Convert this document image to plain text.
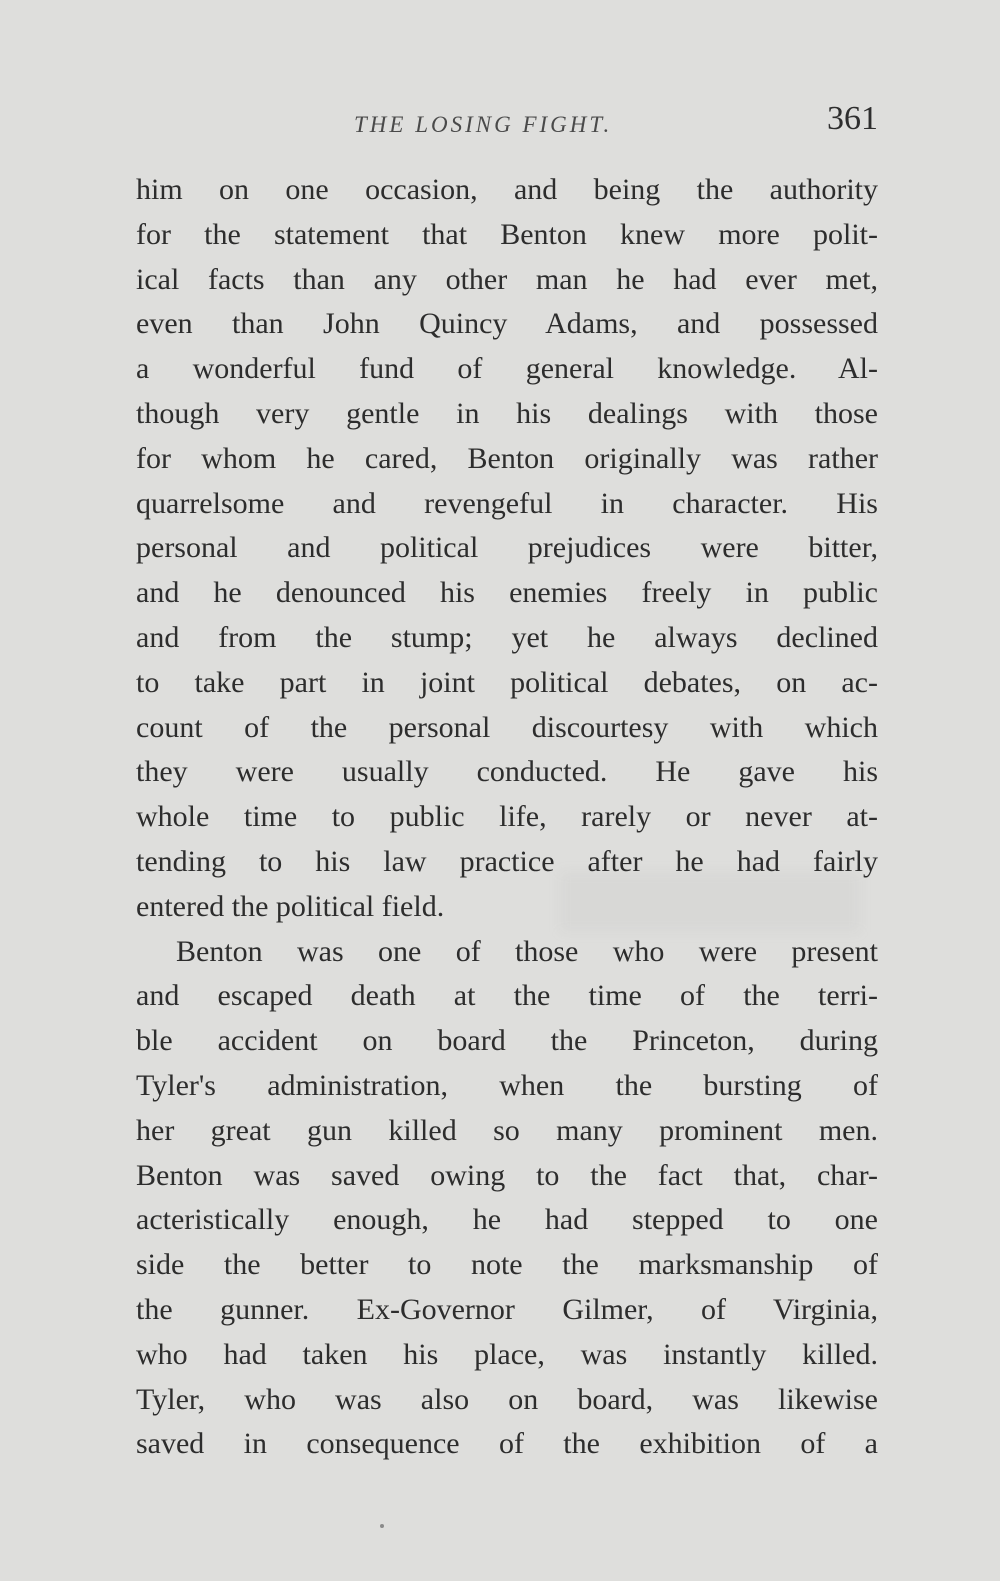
THE LOSING FIGHT.	361
him on one occasion, and being the authority
for the statement that Benton knew more polit-
ical facts than any other man he had ever met,
even than John Quincy Adams, and possessed
a wonderful fund of general knowledge. Al-
though very gentle in his dealings with those
for whom he cared, Benton originally was rather
quarrelsome and revengeful in character. His
personal and political prejudices were bitter,
and he denounced his enemies freely in public
and from the stump; yet he always declined
to take part in joint political debates, on ac-
count of the personal discourtesy with which
they were usually conducted. He gave his
whole time to public life, rarely or never at-
tending to his law practice after he had fairly
entered the political field.
Benton was one of those who were present
and escaped death at the time of the terri-
ble accident on board the Princeton, during
Tyler's administration, when the bursting of
her great gun killed so many prominent men.
Benton was saved owing to the fact that, char-
acteristically enough, he had stepped to one
side the better to note the marksmanship of
the gunner. Ex-Governor Gilmer, of Virginia,
who had taken his place, was instantly killed.
Tyler, who was also on board, was likewise
saved in consequence of the exhibition of a
